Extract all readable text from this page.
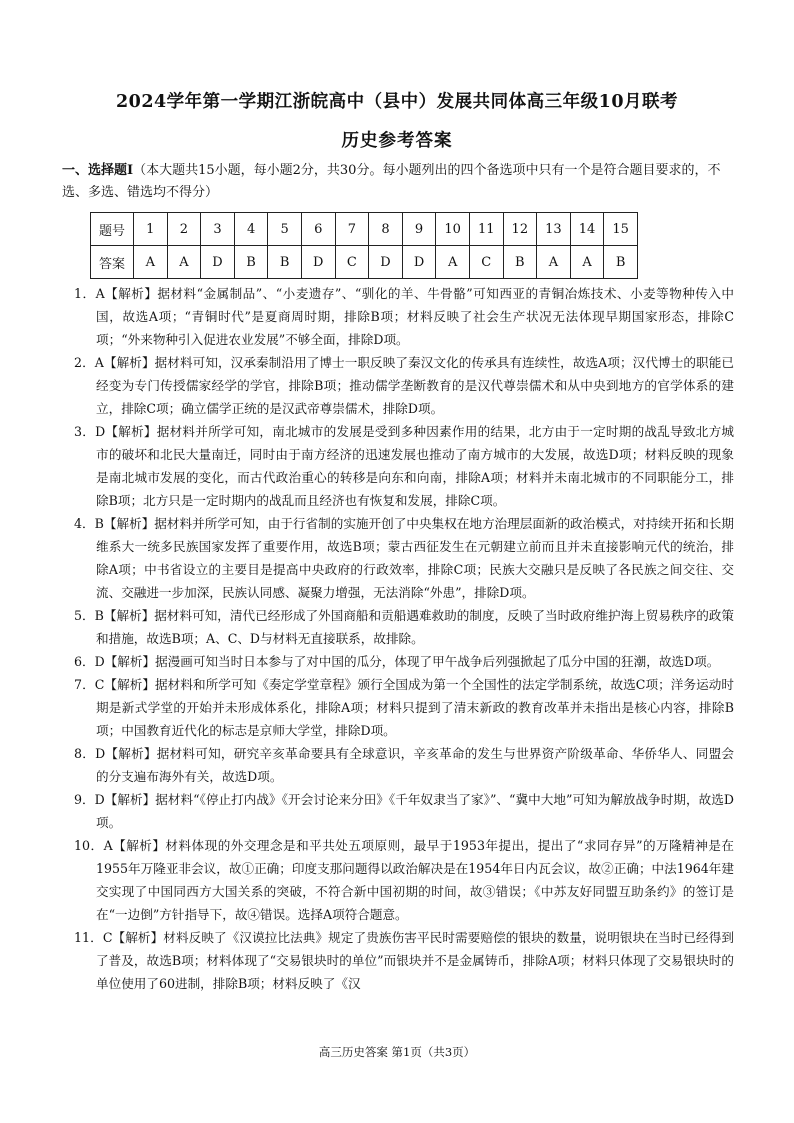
2024学年第一学期江浙皖高中（县中）发展共同体高三年级10月联考
历史参考答案
一、选择题Ⅰ（本大题共15小题，每小题2分，共30分。每小题列出的四个备选项中只有一个是符合题目要求的，不选、多选、错选均不得分）
题号	1	2	3	4	5	6	7	8	9	10	11	12	13	14	15
答案	A	A	D	B	B	D	C	D	D	A	C	B	A	A	B
1．A【解析】据材料“金属制品”、“小麦遗存”、“驯化的羊、牛骨骼”可知西亚的青铜冶炼技术、小麦等物种传入中国，故选A项；“青铜时代”是夏商周时期，排除B项；材料反映了社会生产状况无法体现早期国家形态，排除C项；“外来物种引入促进农业发展”不够全面，排除D项。
2．A【解析】据材料可知，汉承秦制沿用了博士一职反映了秦汉文化的传承具有连续性，故选A项；汉代博士的职能已经变为专门传授儒家经学的学官，排除B项；推动儒学垄断教育的是汉代尊崇儒术和从中央到地方的官学体系的建立，排除C项；确立儒学正统的是汉武帝尊崇儒术，排除D项。
3．D【解析】据材料并所学可知，南北城市的发展是受到多种因素作用的结果，北方由于一定时期的战乱导致北方城市的破坏和北民大量南迁，同时由于南方经济的迅速发展也推动了南方城市的大发展，故选D项；材料反映的现象是南北城市发展的变化，而古代政治重心的转移是向东和向南，排除A项；材料并未南北城市的不同职能分工，排除B项；北方只是一定时期内的战乱而且经济也有恢复和发展，排除C项。
4．B【解析】据材料并所学可知，由于行省制的实施开创了中央集权在地方治理层面新的政治模式，对持续开拓和长期维系大一统多民族国家发挥了重要作用，故选B项；蒙古西征发生在元朝建立前而且并未直接影响元代的统治，排除A项；中书省设立的主要目是提高中央政府的行政效率，排除C项；民族大交融只是反映了各民族之间交往、交流、交融进一步加深，民族认同感、凝聚力增强，无法消除“外患”，排除D项。
5．B【解析】据材料可知，清代已经形成了外国商船和贡船遇难救助的制度，反映了当时政府维护海上贸易秩序的政策和措施，故选B项；A、C、D与材料无直接联系，故排除。
6．D【解析】据漫画可知当时日本参与了对中国的瓜分，体现了甲午战争后列强掀起了瓜分中国的狂潮，故选D项。
7．C【解析】据材料和所学可知《奏定学堂章程》颁行全国成为第一个全国性的法定学制系统，故选C项；洋务运动时期是新式学堂的开始并未形成体系化，排除A项；材料只提到了清末新政的教育改革并未指出是核心内容，排除B项；中国教育近代化的标志是京师大学堂，排除D项。
8．D【解析】据材料可知，研究辛亥革命要具有全球意识，辛亥革命的发生与世界资产阶级革命、华侨华人、同盟会的分支遍布海外有关，故选D项。
9．D【解析】据材料“《停止打内战》《开会讨论来分田》《千年奴隶当了家》”、“冀中大地”可知为解放战争时期，故选D项。
10．A【解析】材料体现的外交理念是和平共处五项原则，最早于1953年提出，提出了“求同存异”的万隆精神是在1955年万隆亚非会议，故①正确；印度支那问题得以政治解决是在1954年日内瓦会议，故②正确；中法1964年建交实现了中国同西方大国关系的突破，不符合新中国初期的时间，故③错误；《中苏友好同盟互助条约》的签订是在“一边倒”方针指导下，故④错误。选择A项符合题意。
11．C【解析】材料反映了《汉谟拉比法典》规定了贵族伤害平民时需要赔偿的银块的数量，说明银块在当时已经得到了普及，故选B项；材料体现了“交易银块时的单位”而银块并不是金属铸币，排除A项；材料只体现了交易银块时的单位使用了60进制，排除B项；材料反映了《汉
高三历史答案 第1页（共3页）
